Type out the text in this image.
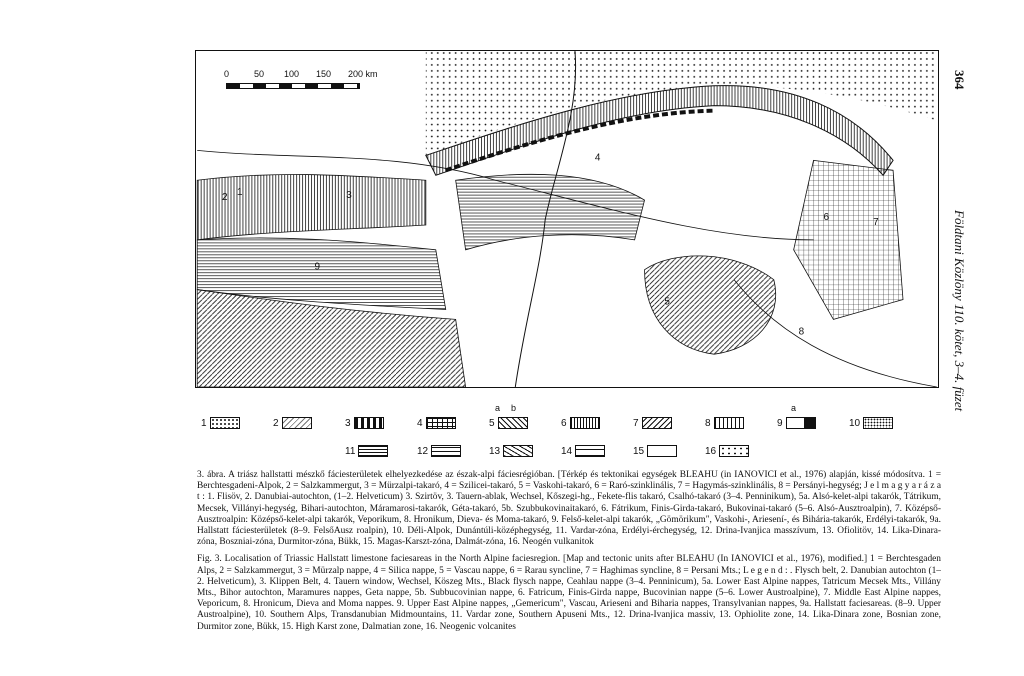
1
2	3
4
5
6	7
8
9
0	50 100 150 200 km
1	2	3	4	5
a b
6	7	8	9
a
10
11	12	13	14	15	16

3. ábra. A triász hallstatti mészkő fáciesterületek elhelyezkedése az észak-alpi fáciesrégióban. [Térkép és tektonikai egységek BLEAHU (in IANOVICI et al., 1976) alapján, kissé módosítva. 1 = Berchtesgadeni-Alpok, 2 = Salzkammergut, 3 = Mürzalpi-takaró, 4 = Szilicei-takaró, 5 = Vaskohi-takaró, 6 = Raró-szinklinális, 7 = Hagymás-szinklinális, 8 = Persányi-hegység; J e l m a g y a r á z a t : 1. Flisöv, 2. Danubiai-autochton, (1–2. Helveticum) 3. Szirtöv, 3. Tauern-ablak, Wechsel, Kőszegi-hg., Fekete-flis takaró, Csalhó-takaró (3–4. Penninikum), 5a. Alsó-kelet-alpi takarók, Tátrikum, Mecsek, Villányi-hegység, Bihari-autochton, Máramarosi-takarók, Géta-takaró, 5b. Szubbukovinaitakaró, 6. Fátrikum, Finis-Girda-takaró, Bukovinai-takaró (5–6. Alsó-Ausztroalpin), 7. Középső-Ausztroalpin: Középső-kelet-alpi takarók, Veporikum, 8. Hronikum, Dieva- és Moma-takaró, 9. Felső-kelet-alpi takarók, „Gömörikum", Vaskohi-, Ariesení-, és Bihária-takarók, Erdélyi-takarók, 9a. Hallstatt fáciesterületek (8–9. FelsőAusz roalpin), 10. Déli-Alpok, Dunántúli-középhegység, 11. Vardar-zóna, Erdélyi-érchegység, 12. Drina-Ivanjica masszívum, 13. Ofiolitöv, 14. Lika-Dinara-zóna, Boszniai-zóna, Durmitor-zóna, Bükk, 15. Magas-Karszt-zóna, Dalmát-zóna, 16. Neogén vulkanitok

Fig. 3. Localisation of Triassic Hallstatt limestone faciesareas in the North Alpine faciesregion. [Map and tectonic units after BLEAHU (In IANOVICI et al., 1976), modified.] 1 = Berchtesgaden Alps, 2 = Salzkammergut, 3 = Mürzalp nappe, 4 = Silica nappe, 5 = Vascau nappe, 6 = Rarau syncline, 7 = Haghimas syncline, 8 = Persani Mts.; L e g e n d : . Flysch belt, 2. Danubian autochton (1–2. Helveticum), 3. Klippen Belt, 4. Tauern window, Wechsel, Köszeg Mts., Black flysch nappe, Ceahlau nappe (3–4. Penninicum), 5a. Lower East Alpine nappes, Tatricum Mecsek Mts., Villány Mts., Bihor autochton, Maramures nappes, Geta nappe, 5b. Subbucovinian nappe, 6. Fatricum, Finis-Girda nappe, Bucovinian nappe (5–6. Lower Austroalpine), 7. Middle East Alpine nappes, Veporicum, 8. Hronicum, Dieva and Moma nappes. 9. Upper East Alpine nappes, „Gemericum", Vascau, Arieseni and Biharia nappes, Transylvanian nappes, 9a. Hallstatt faciesareas. (8–9. Upper Austroalpine), 10. Southern Alps, Transdanubian Midmountains, 11. Vardar zone, Southern Apuseni Mts., 12. Drina-Ivanjica massiv, 13. Ophiolite zone, 14. Lika-Dinara zone, Bosnian zone, Durmitor zone, Bükk, 15. High Karst zone, Dalmatian zone, 16. Neogenic volcanites

364
Földtani Közlöny 110. kötet, 3–4. füzet
